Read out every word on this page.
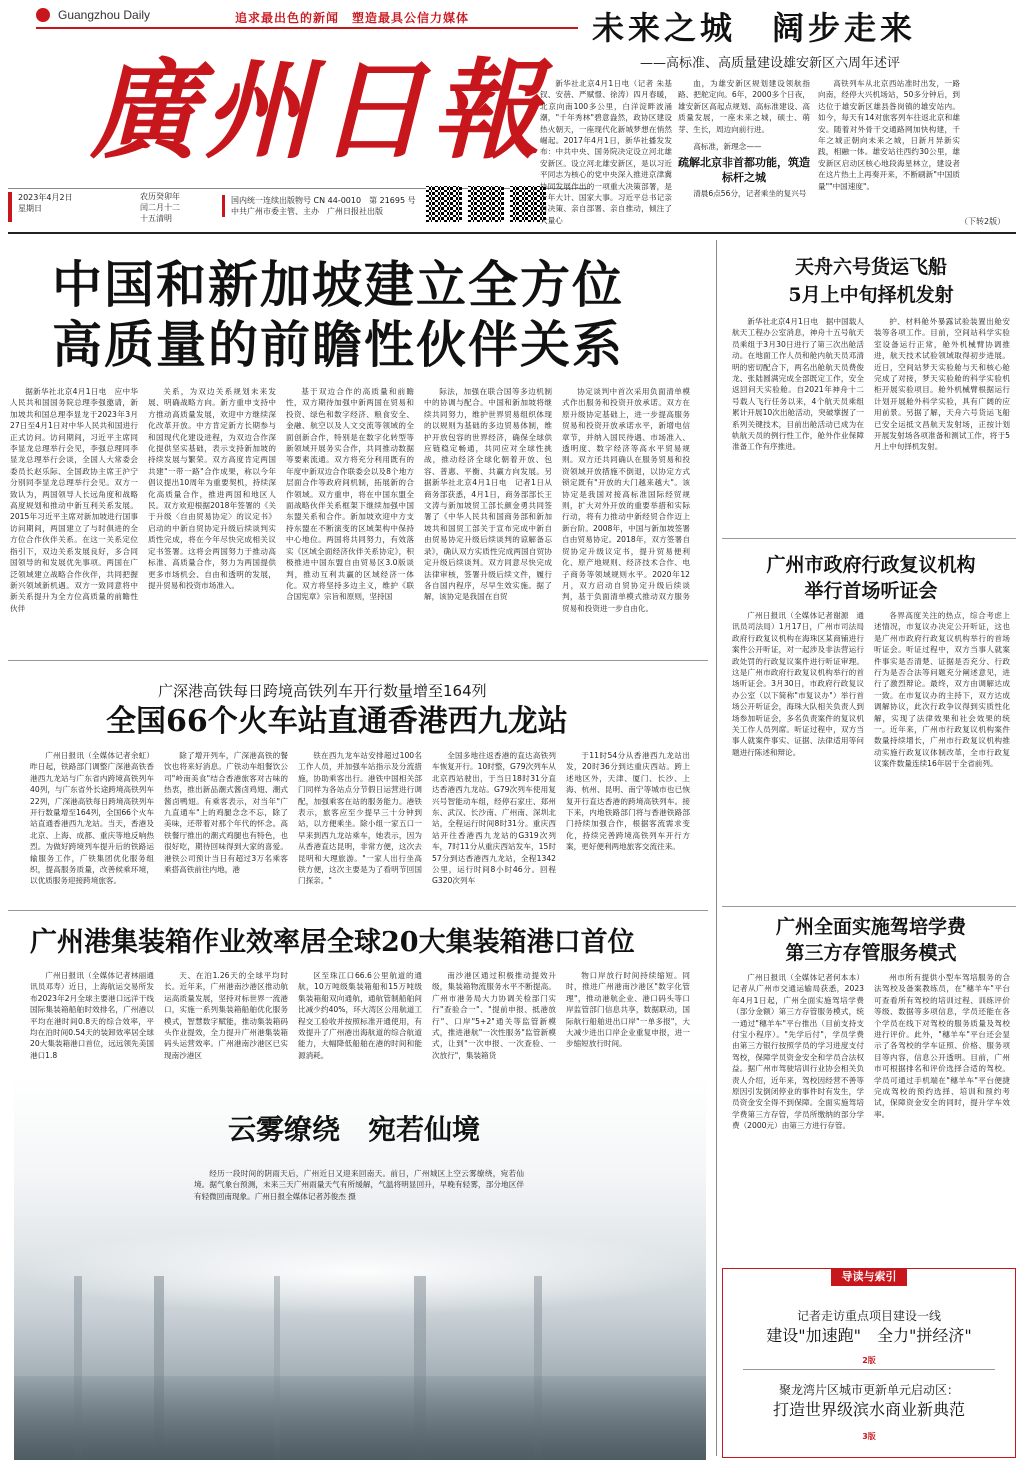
Guangzhou Daily	追求最出色的新闻　塑造最具公信力媒体
廣州日報
2023年4月2日
星期日
农历癸卯年
闰二月十二
十五清明
国内统一连续出版物号 CN 44-0010　第 21695 号
中共广州市委主管、主办　广州日报社出版
未来之城　阔步走来
——高标准、高质量建设雄安新区六周年述评

新华社北京4月1日电（记者 朱基钗、安蓓、严赋憬、徐涛）四月春暖，北京向南100多公里，白洋淀畔波涌潮，"千年秀林"碧意盎然，政协区建设热火朝天，一座现代化新城梦想在悄然崛起。2017年4月1日，新华社播发发布：中共中央、国务院决定设立河北雄安新区。设立河北雄安新区，是以习近平同志为核心的党中央深入推进京津冀协同发展作出的一项重大决策部署，是千年大计、国家大事。习近平总书记亲自决策、亲自部署、亲自推动，倾注了大量心

血，为雄安新区规划建设领航指路、把舵定向。6年，2000多个日夜，雄安新区高起点规划、高标准建设、高质量发展，一座未来之城，硕士、萌芽、生长，周边向前行进。

高标准，新理念——

疏解北京非首都功能，筑造标杆之城

清晨6点56分，记者乘坐的复兴号

高铁列车从北京西站准时出发，一路向南，经停大兴机场站，50多分钟后，到达位于雄安新区雄县昝岗镇的雄安站内。如今，每天有14对旅客列车往返北京和雄安。随着对外骨干交通路网加快构建，千年之城正朝向未来之城，日新月异新实践，相融一体。雄安站往西约30公里，雄安新区启动区核心地段海星林立，建设者在这片热土上再奏开来，不断刷新"中国质量""中国速度"。

（下转2版）
中国和新加坡建立全方位
高质量的前瞻性伙伴关系

据新华社北京4月1日电　应中华人民共和国国务院总理李强邀请，新加坡共和国总理李显龙于2023年3月27日至4月1日对中华人民共和国进行正式访问。访问期间，习近平主席同李显龙总理举行会见，李强总理同李显龙总理举行会谈，全国人大常委会委员长赵乐际、全国政协主席王沪宁分别同李显龙总理举行会见。双方一致认为，两国领导人长远角度和战略高度规划和推动中新互利关系发展。2015年习近平主席对新加坡进行国事访问期间，两国建立了与时俱进的全方位合作伙伴关系。在这一关系定位指引下，双边关系发展良好，多合同国领导的和发展优先事项。两国在广泛领域建立战略合作伙伴，共同把握新兴领域新机遇。双方一致同意将中新关系提升为全方位高质量的前瞻性伙伴

关系，为双边关系规划未来发展、明确战略方向。新方重申支持中方推动高质量发展，欢迎中方继续深化改革开放。中方肯定新方长期参与和国现代化建设进程，为双边合作深化提供坚实基础，表示支持新加坡的持续发展与繁荣。双方高度肯定两国共建"一带一路"合作成果，称以今年倡议提出10周年为重要契机，持续深化高质量合作，推进两国和地区人民。双方欢迎根据2018年签署的《关于升级〈自由贸易协定〉的议定书》启动的中新自贸协定升级后续谈判实质性完成，将在今年尽快完成相关议定书签署。这将会两国努力于推动高标准、高质量合作，努力为两国提供更多市场机会、自由和透明的发展，提升贸易和投资市场准入。

基于双边合作的高质量和前瞻性，双方期待加强中新两国在贸易和投资、绿色和数字经济、粮食安全、金融、航空以及人文交流等领域的全面创新合作，特别是在数字化转型等新领域开展务实合作，共同推动数据等要素流通。双方将充分利用既有的年度中新双边合作联委会以及8个地方层面合作等政府间机制，拓展新的合作领域。双方重申，将在中国东盟全面战略伙伴关系框架下继续加强中国东盟关系和合作。新加坡欢迎中方支持东盟在不断演变的区域架构中保持中心地位。两国将共同努力，有效落实《区域全面经济伙伴关系协定》，积极推进中国东盟自由贸易区3.0版谈判，推动互利共赢的区域经济一体化。双方将坚持多边主义，维护《联合国宪章》宗旨和原则，坚持国

际法，加强在联合国等多边机制中的协调与配合。中国和新加坡将继续共同努力，维护世界贸易组织体现的以规则为基础的多边贸易体制，维护开放包容的世界经济，确保全球供应链稳定畅通，共同应对全球性挑战，推动经济全球化朝着开放、包容、普惠、平衡、共赢方向发展。另据新华社北京4月1日电　记者1日从商务部获悉，4月1日，商务部部长王文涛与新加坡贸工部长颜金勇共同签署了《中华人民共和国商务部和新加坡共和国贸工部关于宣布完成中新自由贸易协定升级后续谈判的谅解备忘录》，确认双方实质性完成两国自贸协定升级后续谈判。双方同意尽快完成法律审核，签署升级后续文件，履行各自国内程序，尽早生效实施。据了解，该协定是我国在自贸

协定谈判中首次采用负面清单模式作出服务和投资开放承诺。双方在原升级协定基础上，进一步提高服务贸易和投资开放承诺水平，新增电信章节，并纳入国民待遇、市场准入、透明度、数字经济等高水平贸易规则。双方还共同确认在服务贸易和投资领域开放措施不倒退，以协定方式锁定既有"开放的大门越来越大"。该协定是我国对接高标准国际经贸规则，扩大对外开放的重要举措和实际行动，将有力推动中新经贸合作迈上新台阶。2008年，中国与新加坡签署自由贸易协定。2018年，双方签署自贸协定升级议定书，提升贸易便利化、原产地规则、经济技术合作、电子商务等领域规则水平。2020年12月，双方启动自贸协定升级后续谈判，基于负面清单模式推动双方服务贸易和投资进一步自由化。

广深港高铁每日跨境高铁列车开行数量增至164列
全国66个火车站直通香港西九龙站

广州日报讯（全媒体记者余虹）昨日起，铁路部门调整广深港高铁香港西九龙站与广东省内跨境高铁列车40列，与广东省外长途跨境高铁列车22列，广深港高铁每日跨境高铁列车开行数量增至164列，全国66个火车站直通香港西九龙站。当天，香港及北京、上海、成都、重庆等地反响热烈。为做好跨境列车提升后的铁路运输服务工作，广铁集团优化服务组织，提高服务质量，改善候乘环境，以优质服务迎接跨境旅客。

除了增开列车，广深港高铁的餐饮也将来好消息。广铁动车组餐饮公司"岭南美食"结合香港旅客对古味的热衷，推出新品潮式酱卤鸡翅、潮式酱卤鸭翅。有乘客表示，对当年"广九直通车"上的鸡腿念念不忘，除了美味，还带着对那个年代的怀念。高铁餐厅推出的潮式鸡腿也有特色，也很好吃，期待回味得到大家的喜爱。港铁公司预计当日有超过3万名乘客乘搭高铁前往内地，港

铁在西九龙车站安排超过100名工作人员，并加强车站指示及分流措施，协助乘客出行。港铁中国相关部门同样为各站点分节假日运营进行调配，加强乘客在站的服务能力。港铁表示，旅客应至少提早三十分钟到站，以方便乘坐。除小组一家五口一早来到西九龙站乘车，她表示，因为从香港直达昆明，非常方便，这次去昆明和大理旅游。"一家人出行坐高铁方便，这次主要是为了看明节回国门探亲。"

全国多地往返香港的直达高铁列车恢复开行。10时整，G79次列车从北京西站驶出，于当日18时31分直达香港西九龙站。G79次列车使用复兴号智能动车组，经停石家庄、郑州东、武汉、长沙南、广州南、深圳北站，全程运行时间8时31分。重庆西站开往香港西九龙站的G319次列车，7时11分从重庆西站发车，15时57分到达香港西九龙站，全程1342公里，运行时间8小时46分。回程G320次列车

于11时54分从香港西九龙站出发，20时36分到达重庆西站。跨上述地区外，天津、厦门、长沙、上海、杭州、昆明、南宁等城市也已恢复开行直达香港的跨境高铁列车。接下来，内地铁路部门将与香港铁路部门持续加强合作，根据客流需求变化，持续完善跨境高铁列车开行方案，更好便利两地旅客交流往来。

广州港集装箱作业效率居全球20大集装箱港口首位

广州日报讯（全媒体记者林丽通讯员邓寿）近日，上海航运交易所发布2023年2月全球主要港口远洋干线国际集装箱船舶时效排名，广州港以平均在港时间0.8天的综合效率，平均在泊时间0.54天的装卸效率居全球20大集装箱港口首位，远远领先美国港口1.8

天、在泊1.26天的全球平均时长。近年来，广州港南沙港区推动航运高质量发展，坚持对标世界一流港口，实施一系列集装箱船舶优化服务模式，智慧数字赋能，推动集装箱码头作业提效，全力提升广州港集装箱码头运营效率。广州港南沙港区已实现南沙港区

区至珠江口66.6公里航道的通航，10万吨级集装箱船和15万吨级集装箱船双向通航，通航管制船舶间比减少约40%，环大湾区公用航道工程交工验收并按照标准开通使用，有效提升了广州港出海航道的综合航道能力，大幅降低船舶在港的时间和能源消耗。

南沙港区通过积极推动提效升级，集装箱物流服务水平不断提高。广州市港务局大力协调关检部门实行"查验合一"、"提前申报、抵港放行"、口岸"5+2"通关等监管新模式，推进港航"一次性服务"监管新模式，让到"一次申报、一次查验、一次放行"，集装箱货

物口岸放行时间持续缩短。同时，推进广州港南沙港区"数字化管理"，推动港航企业、港口码头等口岸监管部门信息共享，数据联动，国际航行船舶进出口岸"一单多报"，大大减少进出口岸企业重复申报，进一步缩短放行时间。

云雾缭绕　宛若仙境

经历一段时间的阴雨天后，广州近日又迎来回南天。前日，广州城区上空云雾缭绕，宛若仙境。据气象台预测，未来三天广州雨量天气有所缓解，气温将明显回升，早晚有轻雾，部分地区伴有轻微回南现象。广州日报全媒体记者苏俊杰 摄

天舟六号货运飞船
5月上中旬择机发射

新华社北京4月1日电　据中国载人航天工程办公室消息，神舟十五号航天员乘组于3月30日进行了第三次出舱活动。在地面工作人员和舱内航天员邓清明的密切配合下，两名出舱航天员费俊龙、张陆圆满完成全部既定工作，安全返回问天实验舱。自2021年神舟十二号载人飞行任务以来，4个航天员乘组累计开展10次出舱活动，突破掌握了一系列关键技术，目前出舱活动已成为在轨航天员的例行性工作，舱外作业保障准备工作有序推进。

护、材料舱外暴露试验装置出舱安装等各项工作。目前，空间站科学实验室设备运行正常，舱外机械臂协调推进，航天技术试验领域取得初步进展。近日，空间站梦天实验舱与天和核心舱完成了对接，梦天实验舱的科学实验机柜开展实验项目。舱外机械臂根据运行计划开展舱外科学实验，具有广阔的应用前景。另据了解，天舟六号货运飞船已安全运抵文昌航天发射场，正按计划开展发射场各项准备和测试工作，将于5月上中旬择机发射。

广州市政府行政复议机构
举行首场听证会

广州日报讯（全媒体记者谢源　通讯员司法局）1月17日，广州市司法局政府行政复议机构在海珠区某商铺进行案件公开听证，对一起涉及非法营运行政处罚的行政复议案件进行听证审理。这是广州市政府行政复议机构举行的首场听证会。3月30日，市政府行政复议办公室（以下简称"市复议办"）举行首场公开听证会，海珠大队相关负责人到场参加听证会，多名负责案件的复议机关工作人员列席。听证过程中，双方当事人就案件事实、证据、法律适用等问题进行陈述和辩论。

各界高度关注的热点，综合考虑上述情况，市复议办决定公开听证，这也是广州市政府行政复议机构举行的首场听证会。听证过程中，双方当事人就案件事实是否清楚、证据是否充分、行政行为是否合法等问题充分阐述意见，进行了激烈辩论。最终，双方由调解达成一致。在市复议办的主持下，双方达成调解协议，此次行政争议得到实质性化解，实现了法律效果和社会效果的统一。近年来，广州市行政复议机构案件数量持续增长，广州市行政复议机构推动实施行政复议体制改革，全市行政复议案件数量连续16年居于全省前列。

广州全面实施驾培学费
第三方存管服务模式

广州日报讯（全媒体记者何本本）记者从广州市交通运输局获悉，2023年4月1日起，广州全面实施驾培学费（部分金额）第三方存管服务模式，统一通过"穗羊车"平台推出（目前支持支付宝小程序）。"先学后付"，学员学费由第三方银行按照学员的学习进度支付驾校，保障学员资金安全和学员合法权益。据广州市驾驶培训行业协会相关负责人介绍，近年来，驾校因经营不善等原因引发倒闭停业的事件时有发生，学员资金安全得不到保障。全面实施驾培学费第三方存管，学员所缴纳的部分学费（2000元）由第三方进行存管。

州市所有提供小型车驾培服务的合法驾校及备案教练员，在"穗羊车"平台可查看所有驾校的培训过程、训练评价等级、数据等多项信息，学员还能在各个学员在线下对驾校的服务质量及驾校进行评价。此外，"穗羊车"平台还会显示了各驾校的学车证照、价格、服务项目等内容，信息公开透明。目前，广州市可根据排名和评价选择合适的驾校。学员可通过手机端在"穗羊车"平台便捷完成驾校的预约选择、培训和预约考试，保障资金安全的同时，提升学车效率。

导读与索引
记者走访重点项目建设一线
建设"加速跑"　全力"拼经济"
2版
聚龙湾片区城市更新单元启动区：
打造世界级滨水商业新典范
3版
